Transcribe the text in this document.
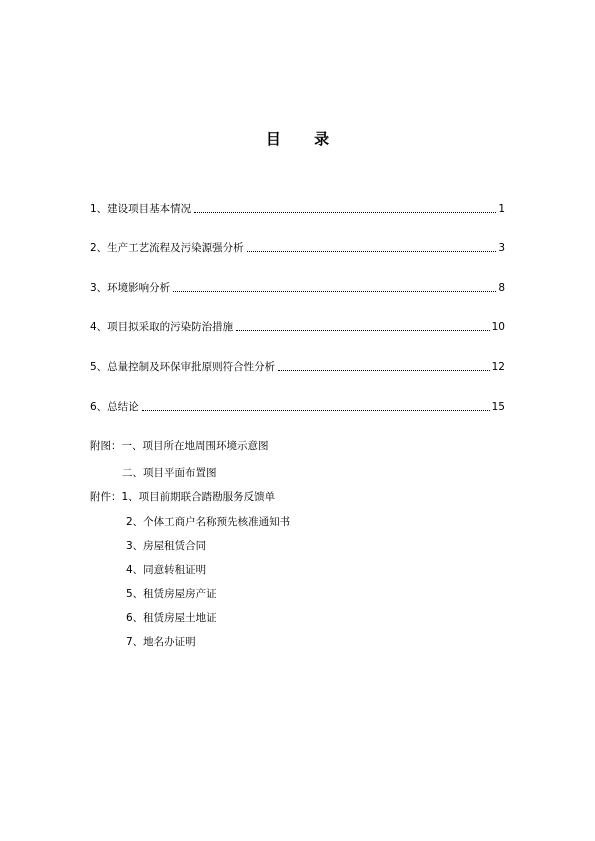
目 录
1、建设项目基本情况	1
2、生产工艺流程及污染源强分析	3
3、环境影响分析	8
4、项目拟采取的污染防治措施	10
5、总量控制及环保审批原则符合性分析	12
6、总结论	15
附图：一、项目所在地周围环境示意图
二、项目平面布置图
附件：1、项目前期联合踏勘服务反馈单
2、个体工商户名称预先核准通知书
3、房屋租赁合同
4、同意转租证明
5、租赁房屋房产证
6、租赁房屋土地证
7、地名办证明
